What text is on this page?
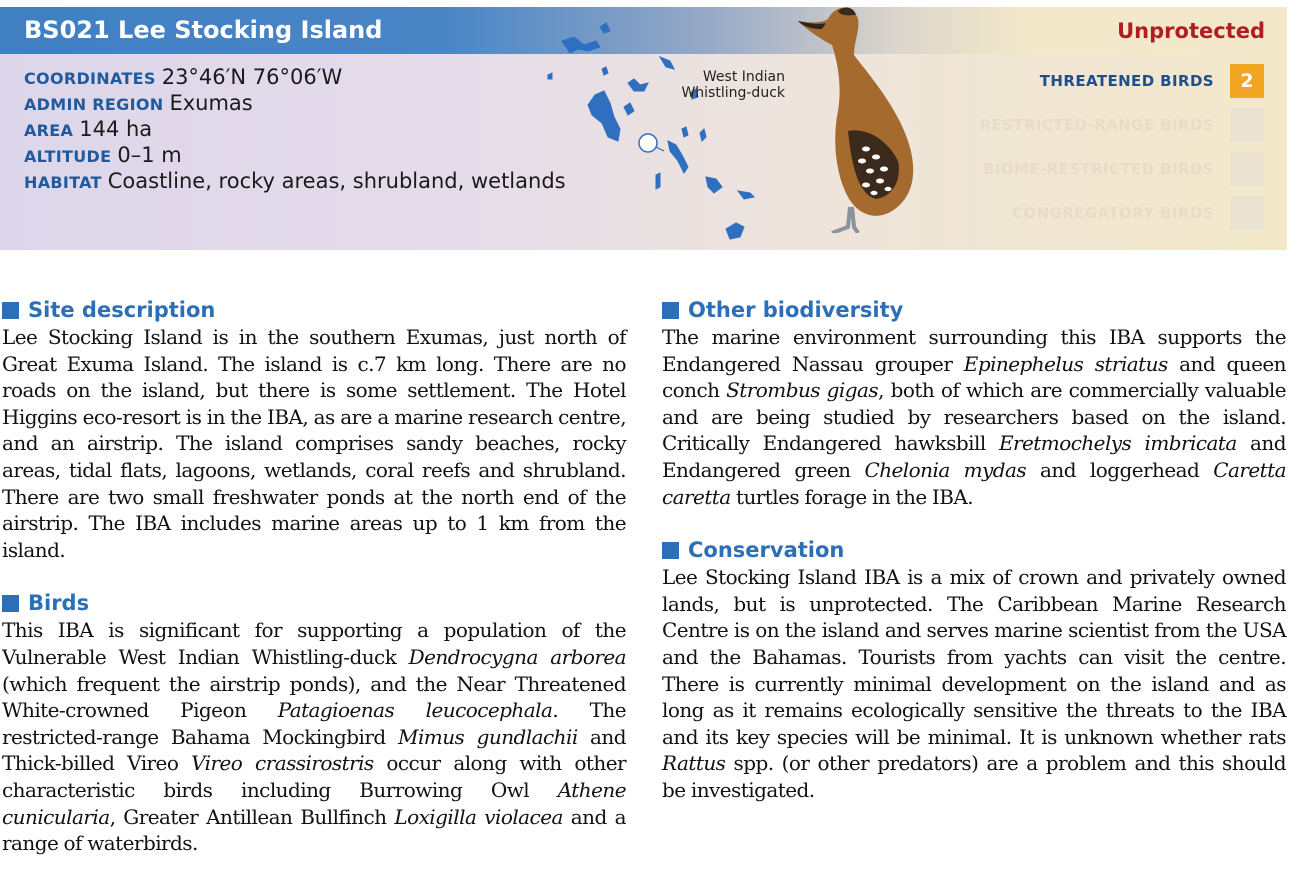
BS021 Lee Stocking Island	Unprotected
COORDINATES 23°46′N 76°06′W
ADMIN REGION Exumas
AREA 144 ha
ALTITUDE 0–1 m
HABITAT Coastline, rocky areas, shrubland, wetlands
West Indian
Whistling-duck
THREATENED BIRDS	2
RESTRICTED-RANGE BIRDS
BIOME-RESTRICTED BIRDS
CONGREGATORY BIRDS
Site description

Lee Stocking Island is in the southern Exumas, just north of Great Exuma Island. The island is c.7 km long. There are no roads on the island, but there is some settlement. The Hotel Higgins eco-resort is in the IBA, as are a marine research centre, and an airstrip. The island comprises sandy beaches, rocky areas, tidal flats, lagoons, wetlands, coral reefs and shrubland. There are two small freshwater ponds at the north end of the airstrip. The IBA includes marine areas up to 1 km from the island.

Birds

This IBA is significant for supporting a population of the Vulnerable West Indian Whistling-duck Dendrocygna arborea (which frequent the airstrip ponds), and the Near Threatened White-crowned Pigeon Patagioenas leucocephala. The restricted-range Bahama Mockingbird Mimus gundlachii and Thick-billed Vireo Vireo crassirostris occur along with other characteristic birds including Burrowing Owl Athene cunicularia, Greater Antillean Bullfinch Loxigilla violacea and a range of waterbirds.

Other biodiversity

The marine environment surrounding this IBA supports the Endangered Nassau grouper Epinephelus striatus and queen conch Strombus gigas, both of which are commercially valuable and are being studied by researchers based on the island. Critically Endangered hawksbill Eretmochelys imbricata and Endangered green Chelonia mydas and loggerhead Caretta caretta turtles forage in the IBA.

Conservation

Lee Stocking Island IBA is a mix of crown and privately owned lands, but is unprotected. The Caribbean Marine Research Centre is on the island and serves marine scientist from the USA and the Bahamas. Tourists from yachts can visit the centre. There is currently minimal development on the island and as long as it remains ecologically sensitive the threats to the IBA and its key species will be minimal. It is unknown whether rats Rattus spp. (or other predators) are a problem and this should be investigated.
